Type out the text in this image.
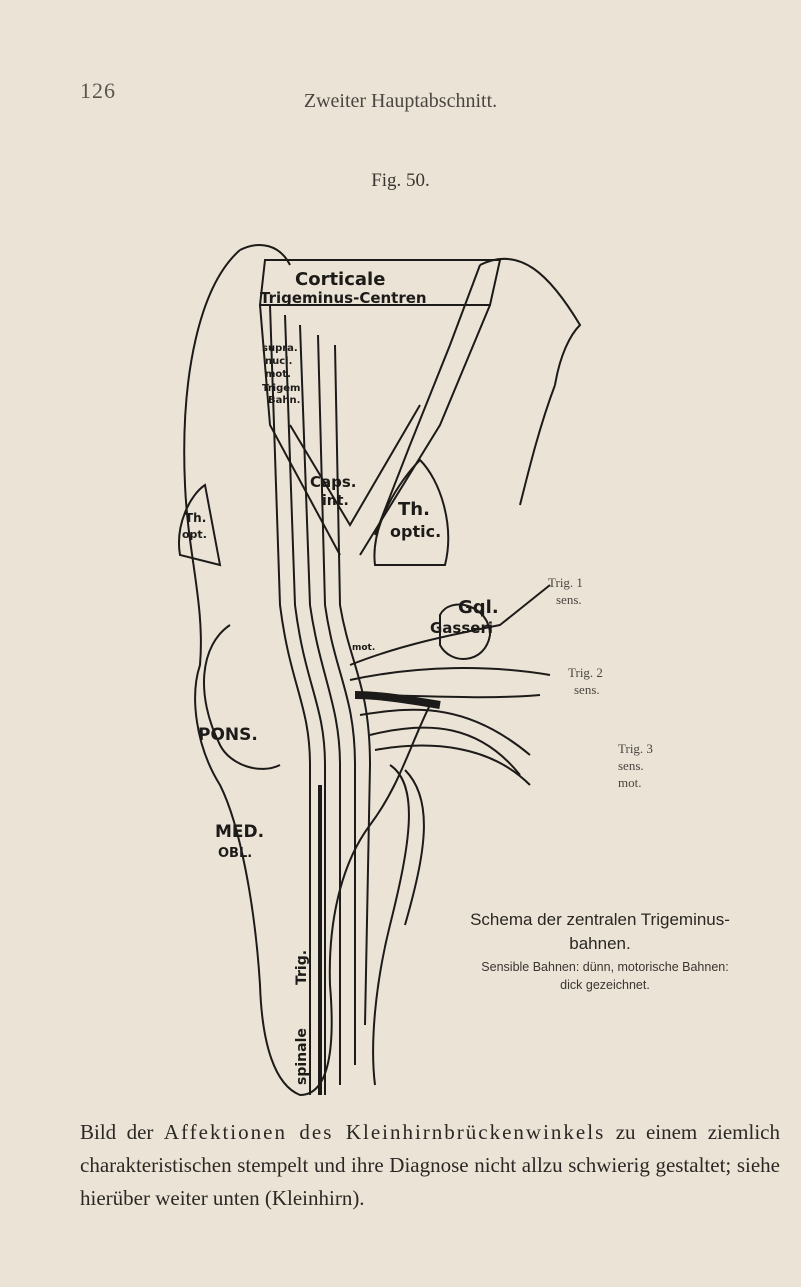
126	Zweiter Hauptabschnitt.
Fig. 50.
Corticale
Trigeminus-Centren
supra.
nucl.
mot.
Trigem
Bahn.
Caps.
int.	Th.
optic.
Th.
opt.
Gql.
Gasseri
PONS.
MED.
OBL.
mot.
Trig.
spinale
Trig. 1
sens.
Trig. 2
sens.
Trig. 3
sens.
mot.
Schema der zentralen Trigeminus-
bahnen.
Sensible Bahnen: dünn, motorische Bahnen:
dick gezeichnet.
Bild der Affektionen des Kleinhirnbrückenwinkels zu einem ziemlich charakteristischen stempelt und ihre Diagnose nicht allzu schwierig gestaltet; siehe hierüber weiter unten (Kleinhirn).
